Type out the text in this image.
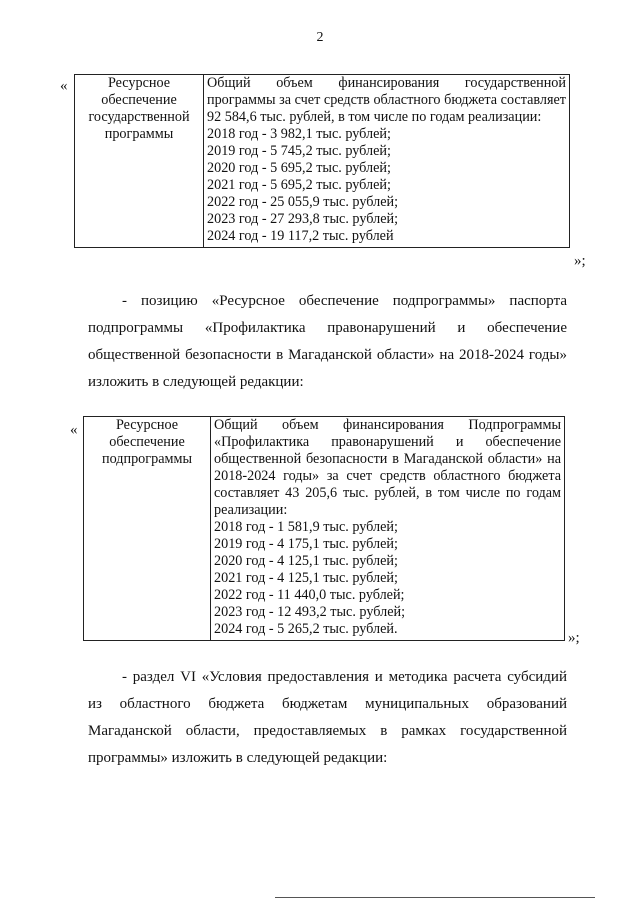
2
«	Ресурсное обеспечение государственной программы	Общий объем финансирования государственной программы за счет средств областного бюджета составляет 92 584,6 тыс. рублей, в том числе по годам реализации:
2018 год - 3 982,1 тыс. рублей;
2019 год - 5 745,2 тыс. рублей;
2020 год - 5 695,2 тыс. рублей;
2021 год - 5 695,2 тыс. рублей;
2022 год - 25 055,9 тыс. рублей;
2023 год - 27 293,8 тыс. рублей;
2024 год - 19 117,2 тыс. рублей
»;
- позицию «Ресурсное обеспечение подпрограммы» паспорта подпрограммы «Профилактика правонарушений и обеспечение общественной безопасности в Магаданской области» на 2018-2024 годы» изложить в следующей редакции:
«	Ресурсное обеспечение подпрограммы	Общий объем финансирования Подпрограммы «Профилактика правонарушений и обеспечение общественной безопасности в Магаданской области» на 2018-2024 годы» за счет средств областного бюджета составляет 43 205,6 тыс. рублей, в том числе по годам реализации:
2018 год - 1 581,9 тыс. рублей;
2019 год - 4 175,1 тыс. рублей;
2020 год - 4 125,1 тыс. рублей;
2021 год - 4 125,1 тыс. рублей;
2022 год - 11 440,0 тыс. рублей;
2023 год - 12 493,2 тыс. рублей;
2024 год - 5 265,2 тыс. рублей.
»;
- раздел VI «Условия предоставления и методика расчета субсидий из областного бюджета бюджетам муниципальных образований Магаданской области, предоставляемых в рамках государственной программы» изложить в следующей редакции:
